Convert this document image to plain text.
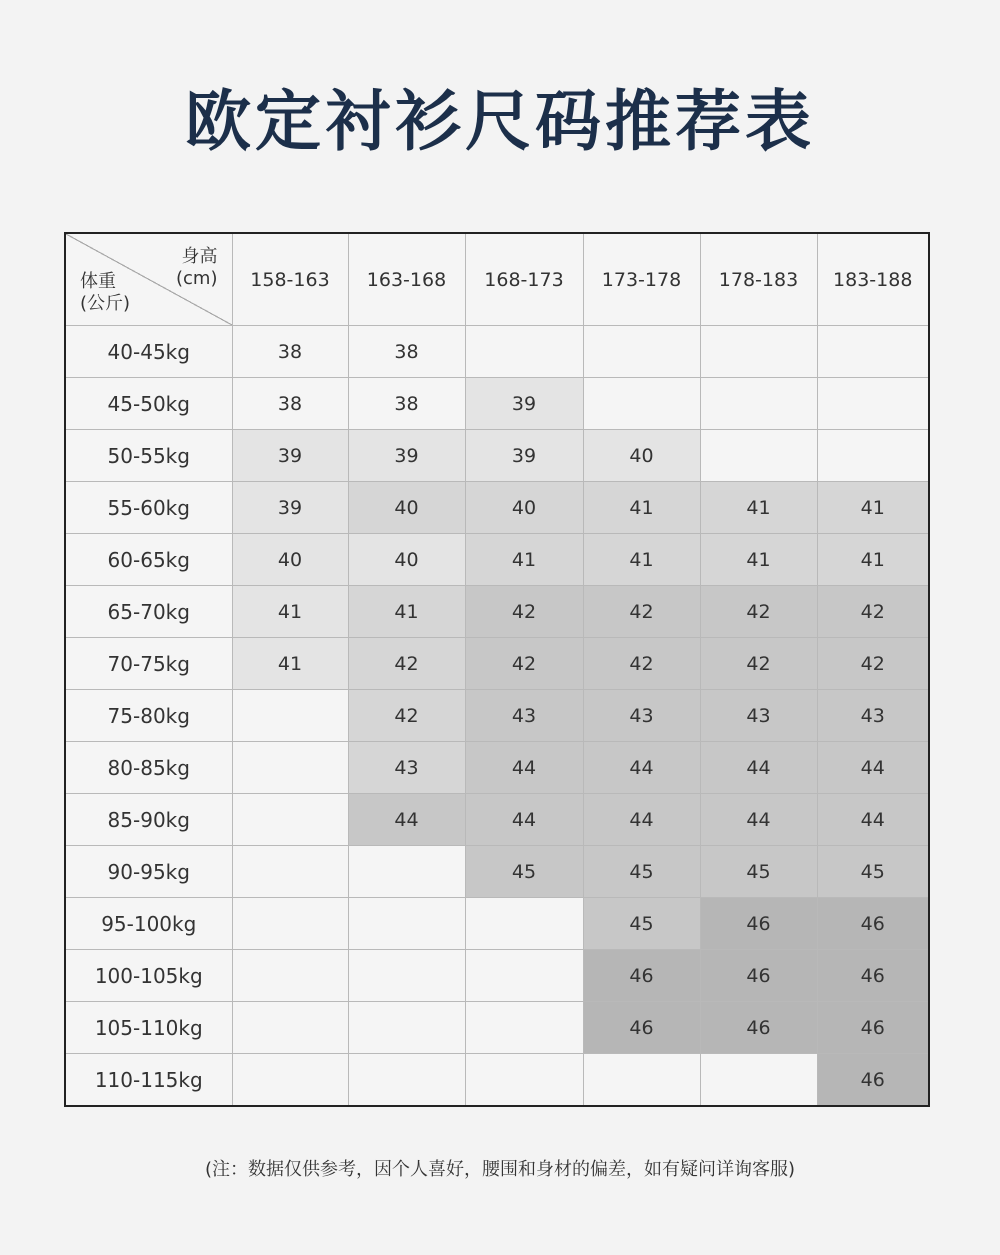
欧定衬衫尺码推荐表
身高
(cm)
体重
(公斤)	158-163	163-168	168-173	173-178	178-183	183-188
40-45kg	38	38				
45-50kg	38	38	39			
50-55kg	39	39	39	40		
55-60kg	39	40	40	41	41	41
60-65kg	40	40	41	41	41	41
65-70kg	41	41	42	42	42	42
70-75kg	41	42	42	42	42	42
75-80kg		42	43	43	43	43
80-85kg		43	44	44	44	44
85-90kg		44	44	44	44	44
90-95kg			45	45	45	45
95-100kg				45	46	46
100-105kg				46	46	46
105-110kg				46	46	46
110-115kg						46
(注：数据仅供参考，因个人喜好，腰围和身材的偏差，如有疑问详询客服)
